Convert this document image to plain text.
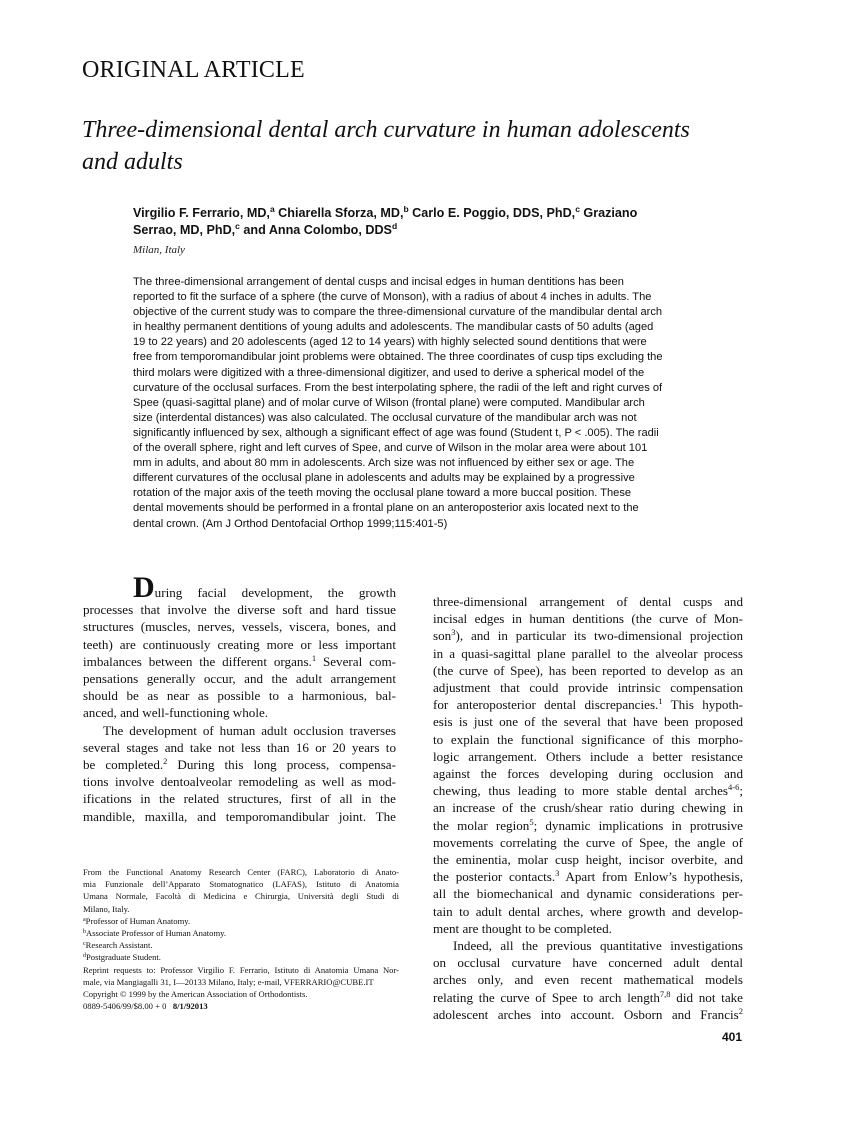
ORIGINAL ARTICLE
Three-dimensional dental arch curvature in human adolescents
and adults
Virgilio F. Ferrario, MD,$^a$ Chiarella Sforza, MD,$^b$ Carlo E. Poggio, DDS, PhD,$^c$ Graziano
Serrao, MD, PhD,$^c$ and Anna Colombo, DDS$^d$
Milan, Italy

The three-dimensional arrangement of dental cusps and incisal edges in human dentitions has been

reported to fit the surface of a sphere (the curve of Monson), with a radius of about 4 inches in adults. The

objective of the current study was to compare the three-dimensional curvature of the mandibular dental arch

in healthy permanent dentitions of young adults and adolescents. The mandibular casts of 50 adults (aged

19 to 22 years) and 20 adolescents (aged 12 to 14 years) with highly selected sound dentitions that were

free from temporomandibular joint problems were obtained. The three coordinates of cusp tips excluding the

third molars were digitized with a three-dimensional digitizer, and used to derive a spherical model of the

curvature of the occlusal surfaces. From the best interpolating sphere, the radii of the left and right curves of

Spee (quasi-sagittal plane) and of molar curve of Wilson (frontal plane) were computed. Mandibular arch

size (interdental distances) was also calculated. The occlusal curvature of the mandibular arch was not

significantly influenced by sex, although a significant effect of age was found (Student t, P < .005). The radii

of the overall sphere, right and left curves of Spee, and curve of Wilson in the molar area were about 101

mm in adults, and about 80 mm in adolescents. Arch size was not influenced by either sex or age. The

different curvatures of the occlusal plane in adolescents and adults may be explained by a progressive

rotation of the major axis of the teeth moving the occlusal plane toward a more buccal position. These

dental movements should be performed in a frontal plane on an anteroposterior axis located next to the

dental crown. (Am J Orthod Dentofacial Orthop 1999;115:401-5)

During facial development, the growth
processes that involve the diverse soft and hard tissue
structures (muscles, nerves, vessels, viscera, bones, and
teeth) are continuously creating more or less important
imbalances between the different organs.$^1$ Several com-
pensations generally occur, and the adult arrangement
should be as near as possible to a harmonious, bal-
anced, and well-functioning whole.
The development of human adult occlusion traverses
several stages and take not less than 16 or 20 years to
be completed.$^2$ During this long process, compensa-
tions involve dentoalveolar remodeling as well as mod-
ifications in the related structures, first of all in the
mandible, maxilla, and temporomandibular joint. The
From the Functional Anatomy Research Center (FARC), Laboratorio di Anato-
mia Funzionale dell’Apparato Stomatognatico (LAFAS), Istituto di Anatomia
Umana Normale, Facoltà di Medicina e Chirurgia, Università degli Studi di
Milano, Italy.
$^a$Professor of Human Anatomy.
$^b$Associate Professor of Human Anatomy.
$^c$Research Assistant.
$^d$Postgraduate Student.
Reprint requests to: Professor Virgilio F. Ferrario, Istituto di Anatomia Umana Nor-
male, via Mangiagalli 31, I—20133 Milano, Italy; e-mail, VFERRARIO@CUBE.IT
Copyright © 1999 by the American Association of Orthodontists.
0889-5406/99/$8.00 + 0 8/1/92013
three-dimensional arrangement of dental cusps and
incisal edges in human dentitions (the curve of Mon-
son$^3$), and in particular its two-dimensional projection
in a quasi-sagittal plane parallel to the alveolar process
(the curve of Spee), has been reported to develop as an
adjustment that could provide intrinsic compensation
for anteroposterior dental discrepancies.$^1$ This hypoth-
esis is just one of the several that have been proposed
to explain the functional significance of this morpho-
logic arrangement. Others include a better resistance
against the forces developing during occlusion and
chewing, thus leading to more stable dental arches$^{4-6}$;
an increase of the crush/shear ratio during chewing in
the molar region$^5$; dynamic implications in protrusive
movements correlating the curve of Spee, the angle of
the eminentia, molar cusp height, incisor overbite, and
the posterior contacts.$^3$ Apart from Enlow’s hypothesis,
all the biomechanical and dynamic considerations per-
tain to adult dental arches, where growth and develop-
ment are thought to be completed.
Indeed, all the previous quantitative investigations
on occlusal curvature have concerned adult dental
arches only, and even recent mathematical models
relating the curve of Spee to arch length$^{7,8}$ did not take
adolescent arches into account. Osborn and Francis$^2$
401
